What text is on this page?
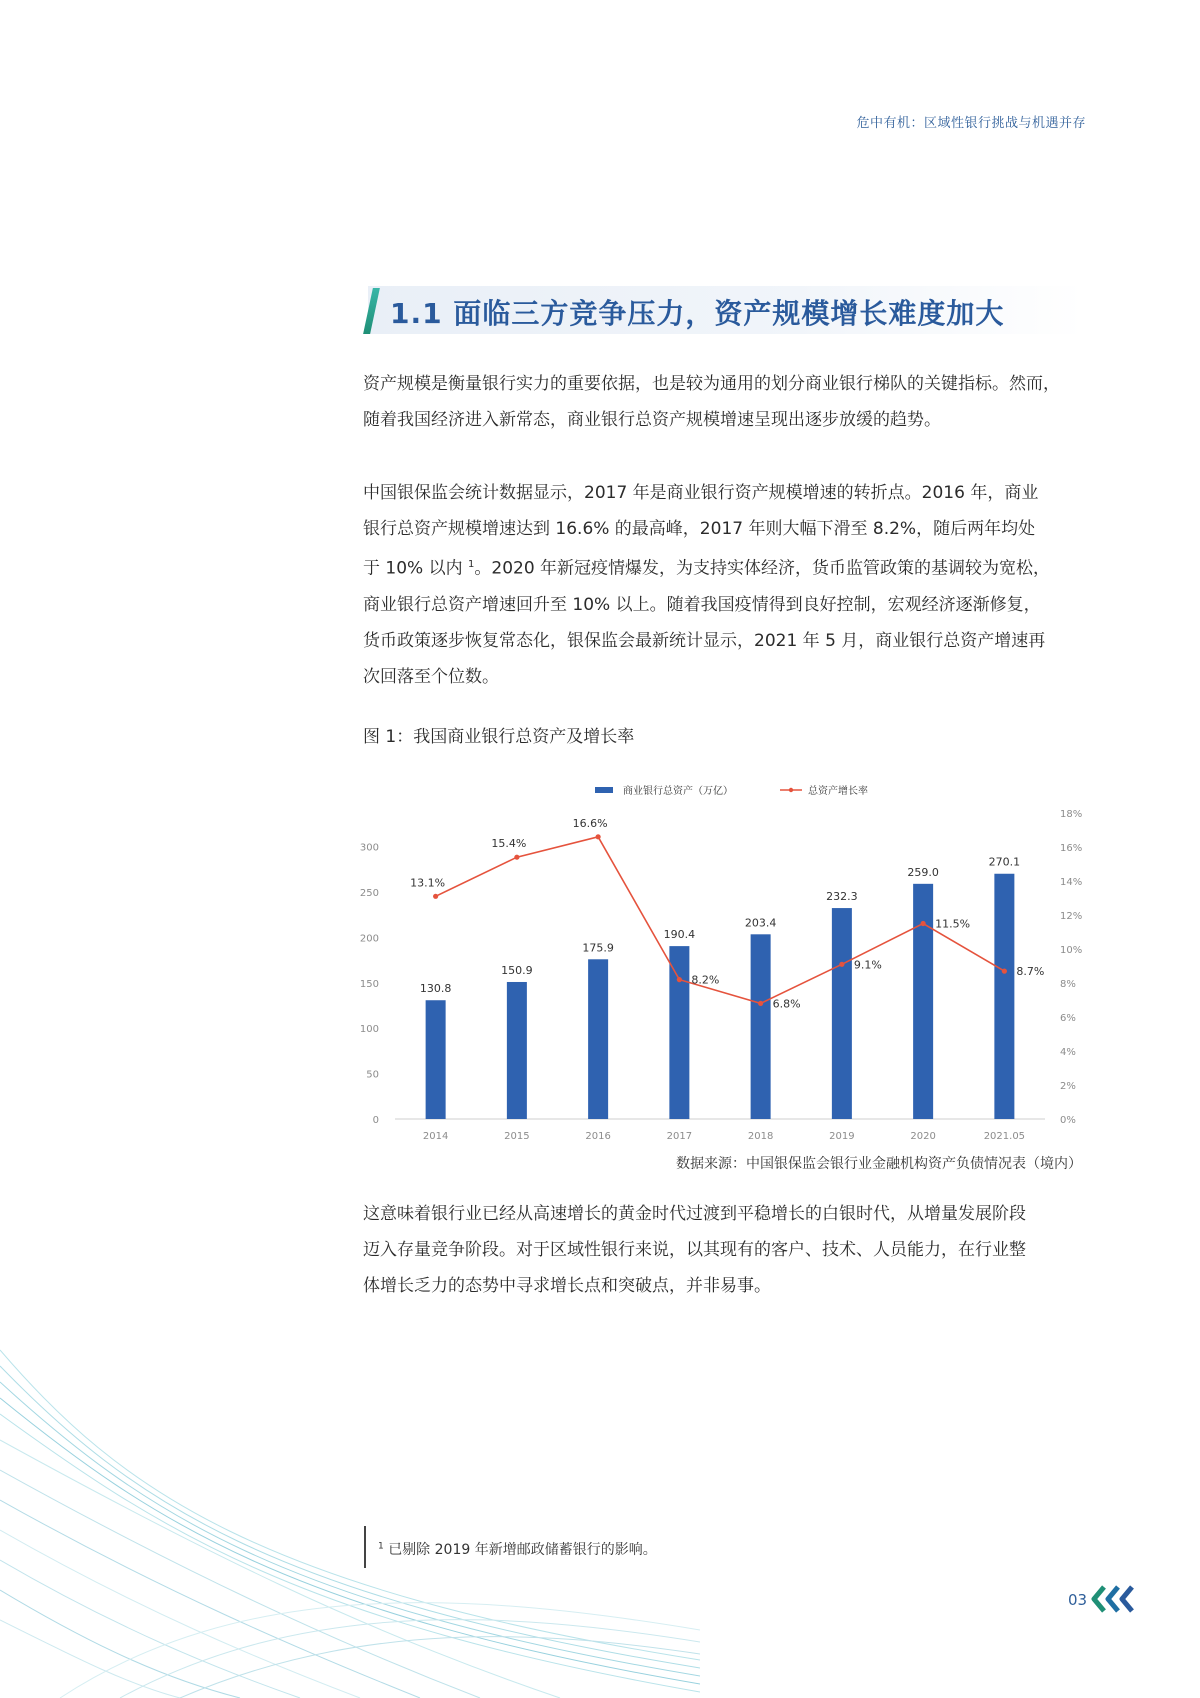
危中有机：区域性银行挑战与机遇并存
1.1 面临三方竞争压力，资产规模增长难度加大
资产规模是衡量银行实力的重要依据，也是较为通用的划分商业银行梯队的关键指标。然而，
随着我国经济进入新常态，商业银行总资产规模增速呈现出逐步放缓的趋势。
中国银保监会统计数据显示，2017 年是商业银行资产规模增速的转折点。2016 年，商业
银行总资产规模增速达到 16.6% 的最高峰，2017 年则大幅下滑至 8.2%，随后两年均处
于 10% 以内 $^1$。2020 年新冠疫情爆发，为支持实体经济，货币监管政策的基调较为宽松，
商业银行总资产增速回升至 10% 以上。随着我国疫情得到良好控制，宏观经济逐渐修复，
货币政策逐步恢复常态化，银保监会最新统计显示，2021 年 5 月，商业银行总资产增速再
次回落至个位数。
图 1：我国商业银行总资产及增长率
商业银行总资产（万亿）	总资产增长率
0
50
100
150
200
250
300
0%
2%
4%
6%
8%
10%
12%
14%
16%
18%
130.8
150.9
175.9
190.4
203.4
232.3
259.0
270.1
2014	2015	2016	2017	2018	2019	2020	2021.05
13.1%
15.4%
16.6%
8.2%
6.8%
9.1%
11.5%
8.7%
数据来源：中国银保监会银行业金融机构资产负债情况表（境内）
这意味着银行业已经从高速增长的黄金时代过渡到平稳增长的白银时代，从增量发展阶段
迈入存量竞争阶段。对于区域性银行来说，以其现有的客户、技术、人员能力，在行业整
体增长乏力的态势中寻求增长点和突破点，并非易事。
$^1$ 已剔除 2019 年新增邮政储蓄银行的影响。
03
